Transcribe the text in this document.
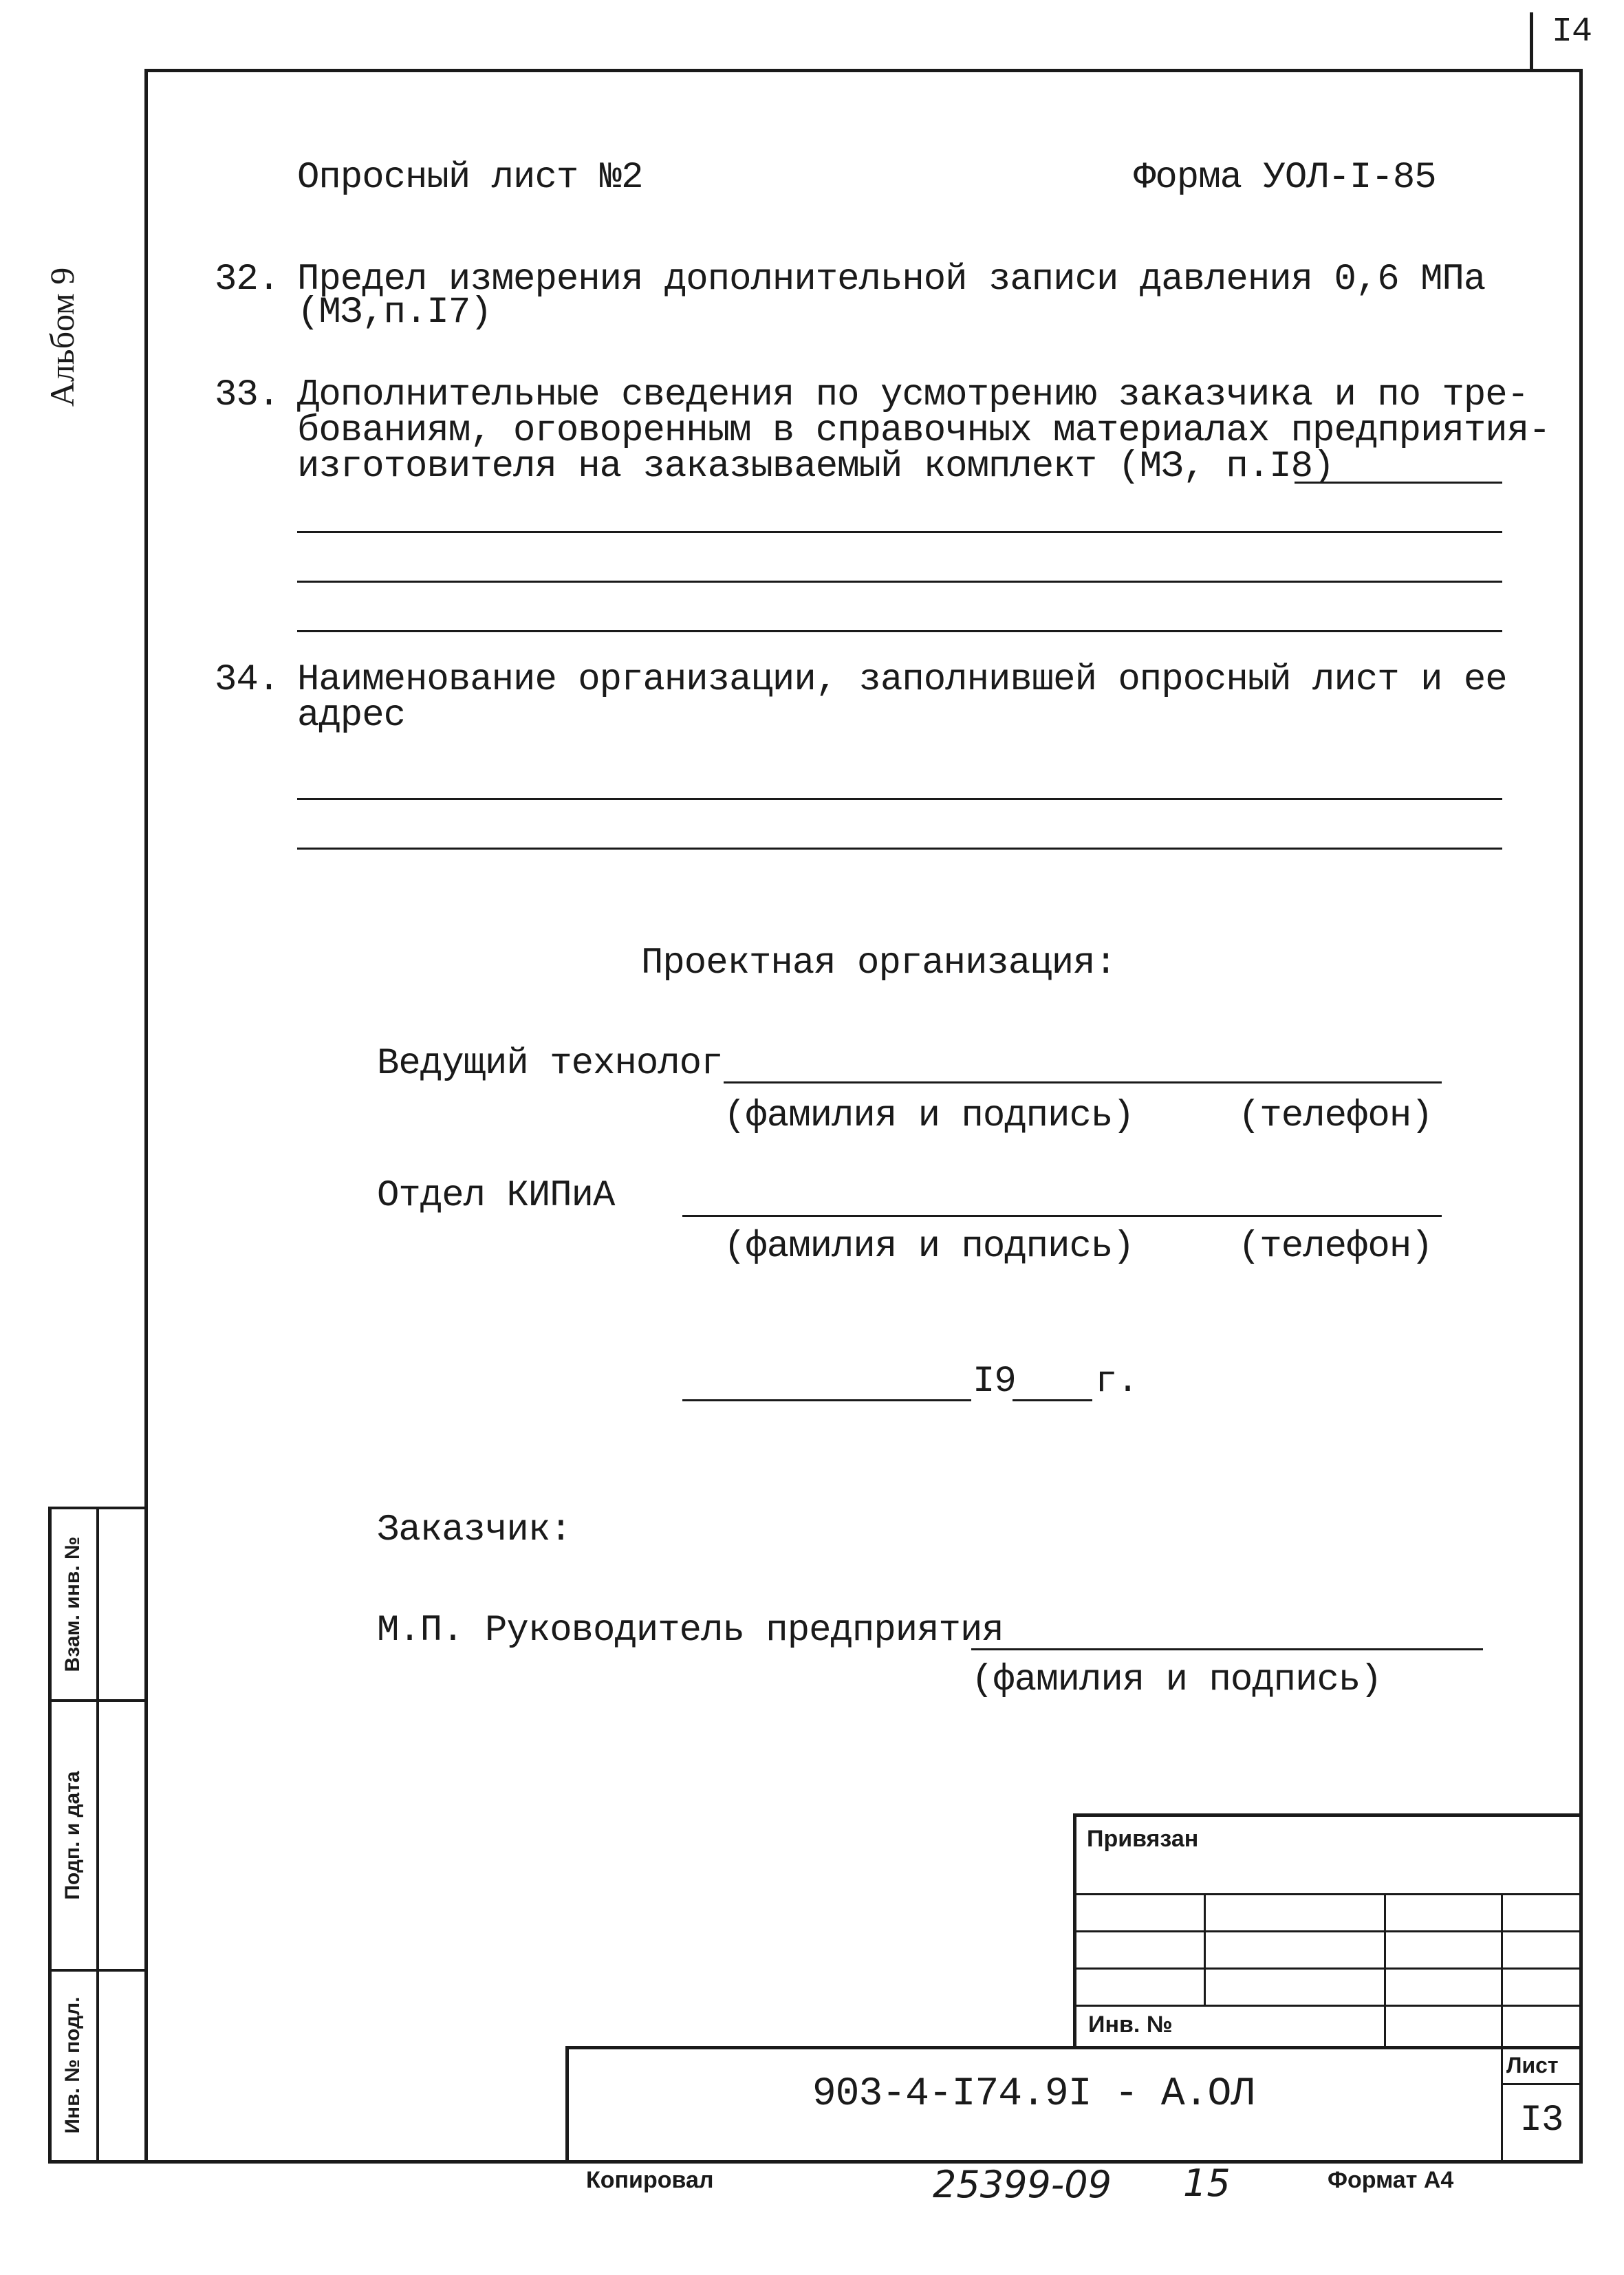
I4
Альбом 9
Опросный лист №2	Форма УОЛ-I-85
32. Предел измерения дополнительной записи давления 0,6 МПа
(МЗ,п.I7)
33. Дополнительные сведения по усмотрению заказчика и по тре-
бованиям, оговоренным в справочных материалах предприятия-
изготовителя на заказываемый комплект (МЗ, п.I8)
34. Наименование организации, заполнившей опросный лист и ее
адрес
Проектная организация:
Ведущий технолог
(фамилия и подпись)	(телефон)
Отдел КИПиА
(фамилия и подпись)	(телефон)
I9 г.
Заказчик:
М.П. Руководитель предприятия
(фамилия и подпись)
Взам. инв. №
Подп. и дата
Инв. № подл.
Привязан
Инв. №
903-4-I74.9I - А.ОЛ
Лист
I3
Копировал	25399-09 15	Формат А4
